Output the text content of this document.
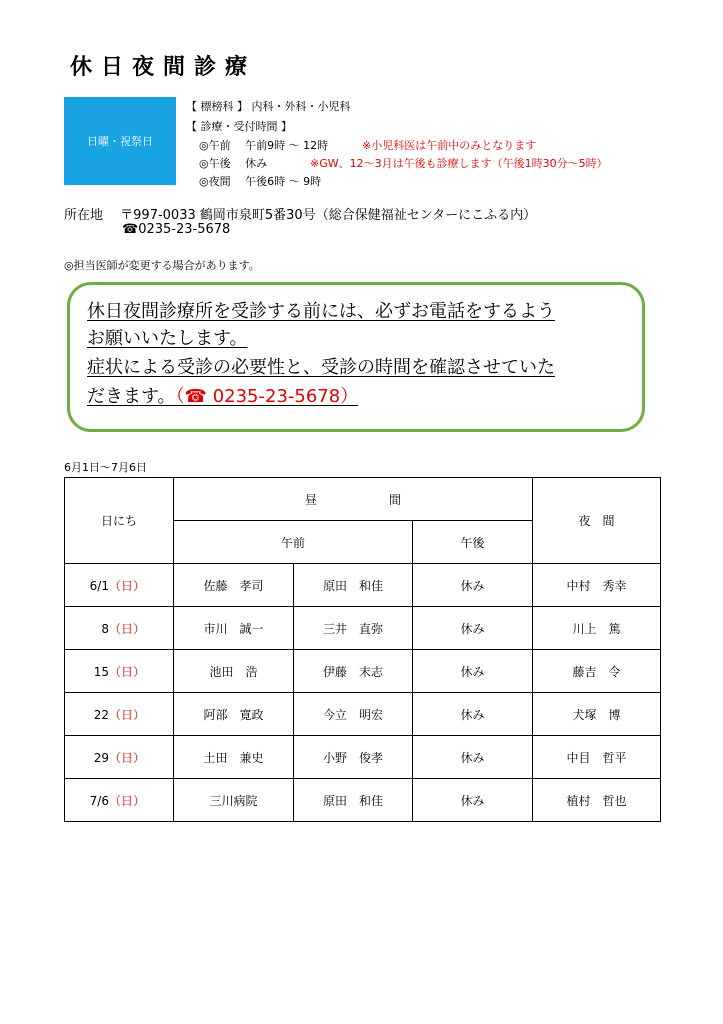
休日夜間診療
日曜・祝祭日
【 標榜科 】 内科・外科・小児科
【 診療・受付時間 】
◎午前　 午前9時 ～ 12時	※小児科医は午前中のみとなります
◎午後　 休み	※GW、12～3月は午後も診療します（午後1時30分～5時）
◎夜間　 午後6時 ～ 9時
所在地　 〒997-0033 鶴岡市泉町5番30号（総合保健福祉センターにこふる内）
☎0235-23-5678
◎担当医師が変更する場合があります。
休日夜間診療所を受診する前には、必ずお電話をするよう
お願いいたします。
症状による受診の必要性と、受診の時間を確認させていた
だきます。（☎ 0235-23-5678）
6月1日～7月6日
日にち	昼　　　　　　間			夜　間
	午前		午後	
6/1（日）	佐藤　孝司	原田　和佳	休み	中村　秀幸
8（日）	市川　誠一	三井　直弥	休み	川上　篤
15（日）	池田　浩	伊藤　末志	休み	藤吉　令
22（日）	阿部　寛政	今立　明宏	休み	犬塚　博
29（日）	土田　兼史	小野　俊孝	休み	中目　哲平
7/6（日）	三川病院	原田　和佳	休み	植村　哲也
